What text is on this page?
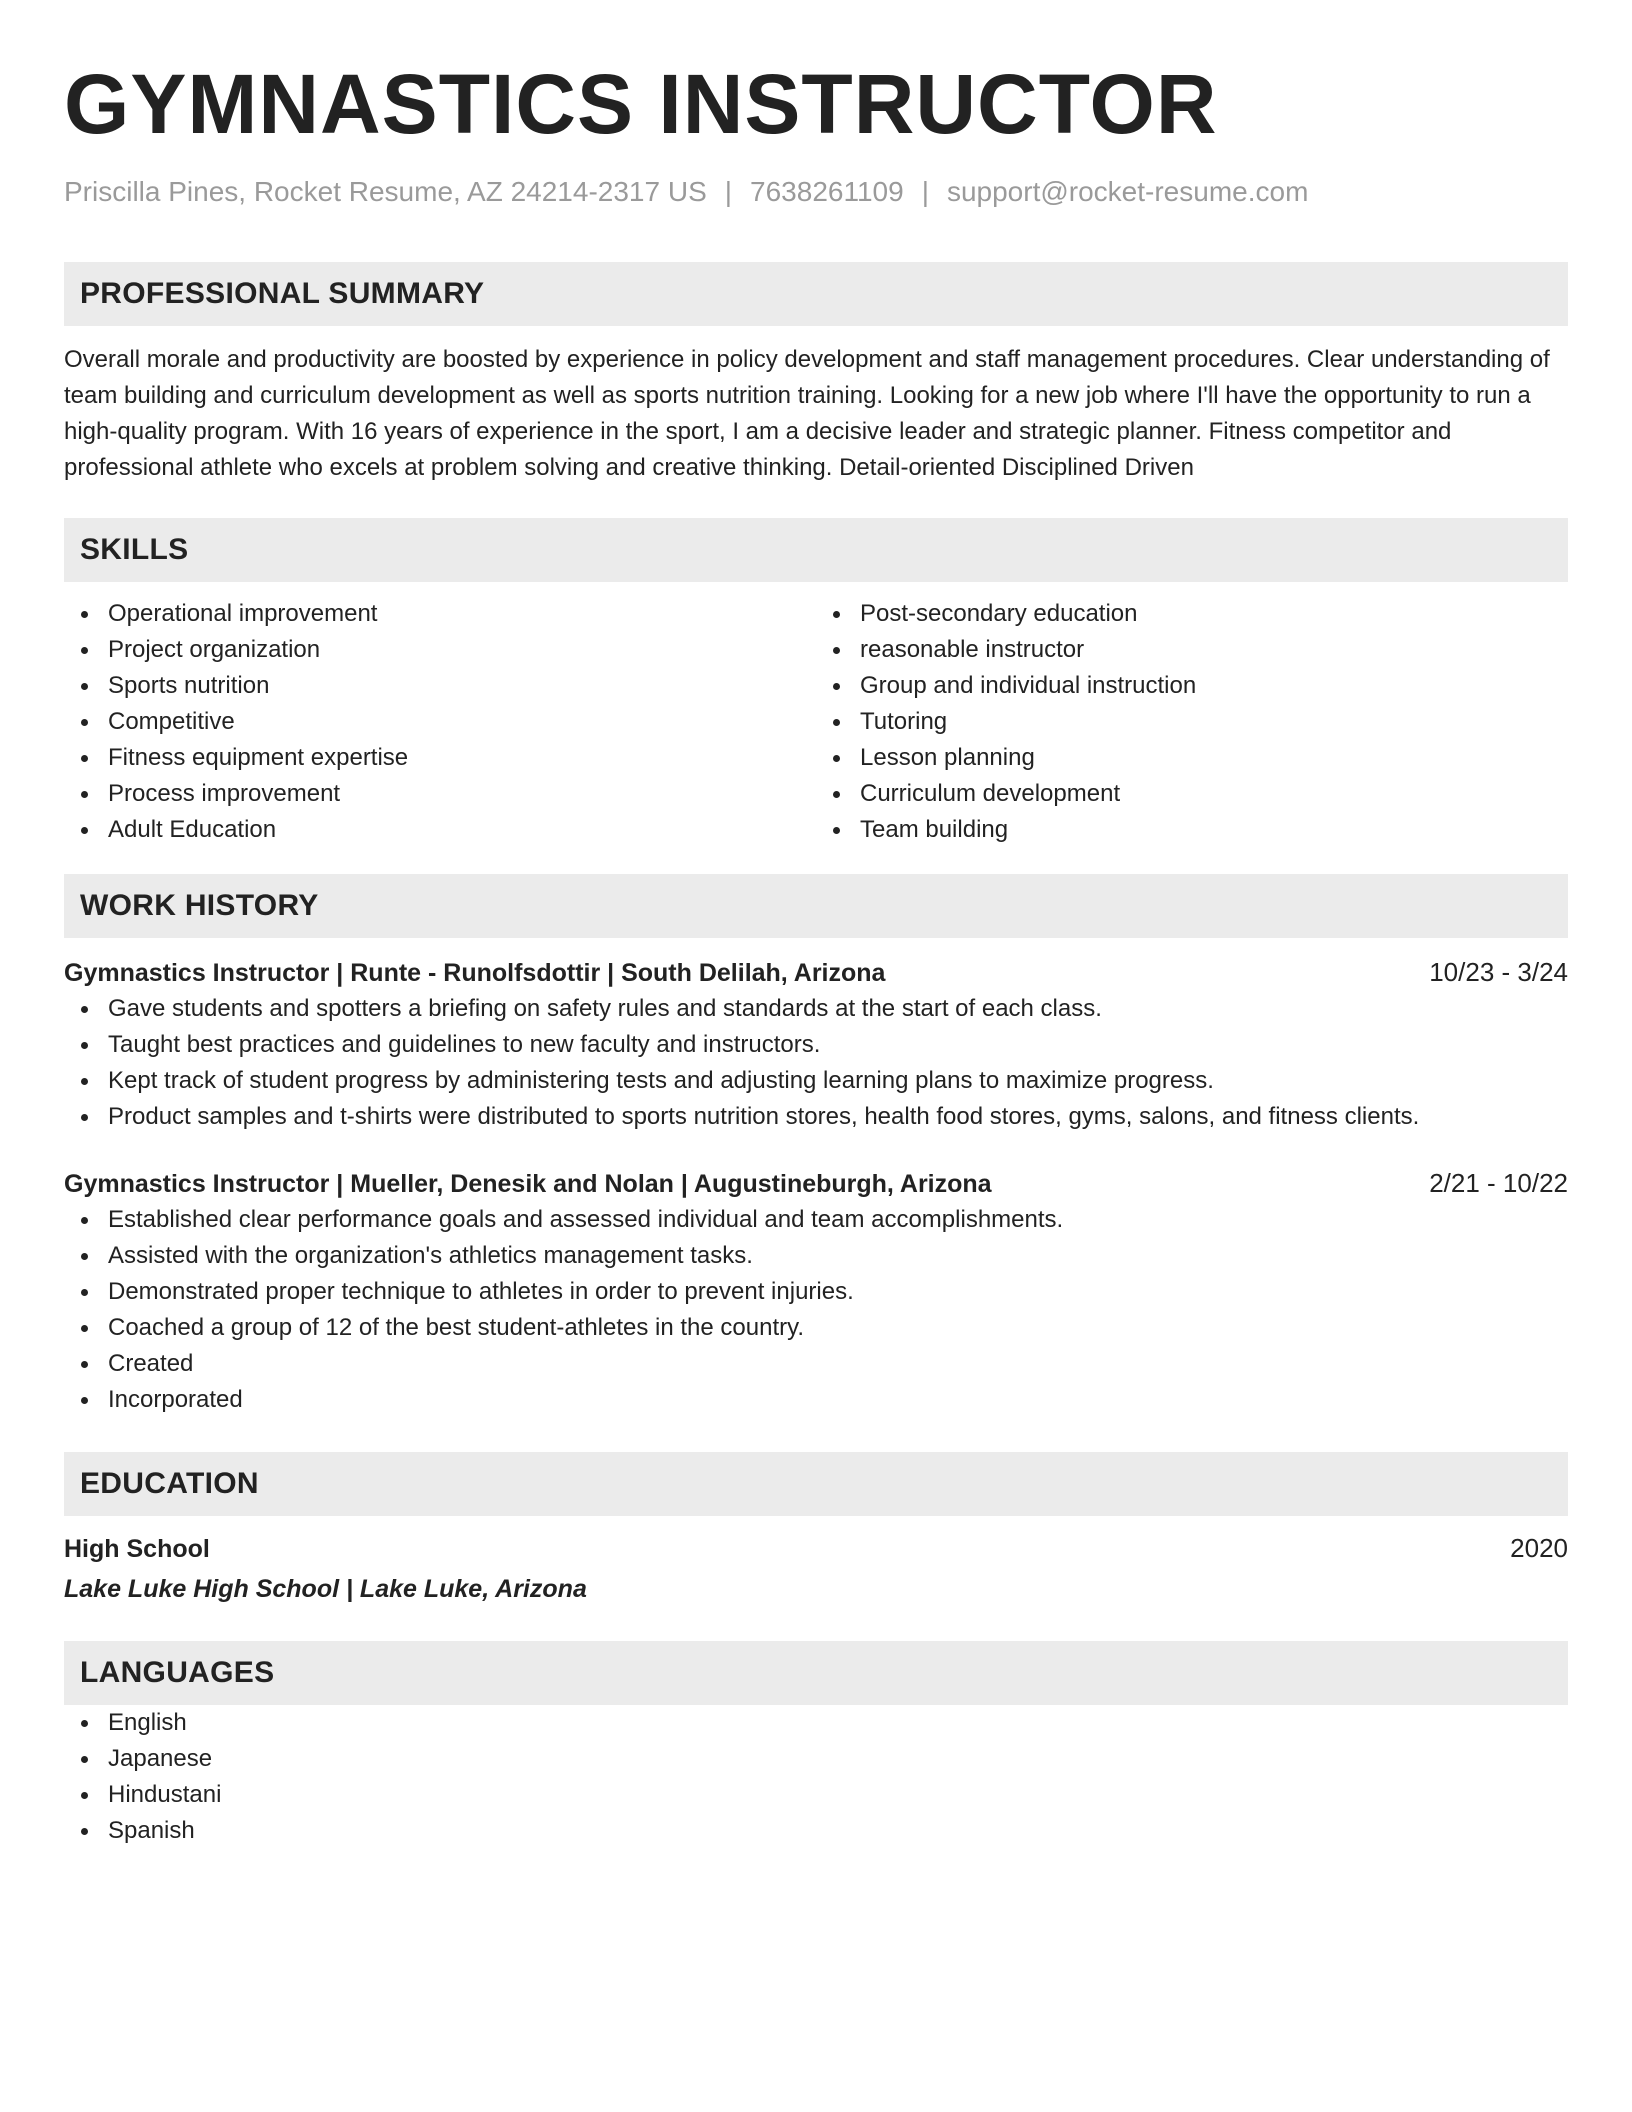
GYMNASTICS INSTRUCTOR
Priscilla Pines, Rocket Resume, AZ 24214-2317 US | 7638261109 | support@rocket-resume.com
PROFESSIONAL SUMMARY
Overall morale and productivity are boosted by experience in policy development and staff management procedures. Clear understanding of team building and curriculum development as well as sports nutrition training. Looking for a new job where I'll have the opportunity to run a high-quality program. With 16 years of experience in the sport, I am a decisive leader and strategic planner. Fitness competitor and professional athlete who excels at problem solving and creative thinking. Detail-oriented Disciplined Driven
SKILLS
Operational improvement
Project organization
Sports nutrition
Competitive
Fitness equipment expertise
Process improvement
Adult Education
Post-secondary education
reasonable instructor
Group and individual instruction
Tutoring
Lesson planning
Curriculum development
Team building
WORK HISTORY
Gymnastics Instructor | Runte - Runolfsdottir | South Delilah, Arizona	10/23 - 3/24
Gave students and spotters a briefing on safety rules and standards at the start of each class.
Taught best practices and guidelines to new faculty and instructors.
Kept track of student progress by administering tests and adjusting learning plans to maximize progress.
Product samples and t-shirts were distributed to sports nutrition stores, health food stores, gyms, salons, and fitness clients.
Gymnastics Instructor | Mueller, Denesik and Nolan | Augustineburgh, Arizona	2/21 - 10/22
Established clear performance goals and assessed individual and team accomplishments.
Assisted with the organization's athletics management tasks.
Demonstrated proper technique to athletes in order to prevent injuries.
Coached a group of 12 of the best student-athletes in the country.
Created
Incorporated
EDUCATION
High School	2020
Lake Luke High School | Lake Luke, Arizona
LANGUAGES
English
Japanese
Hindustani
Spanish
